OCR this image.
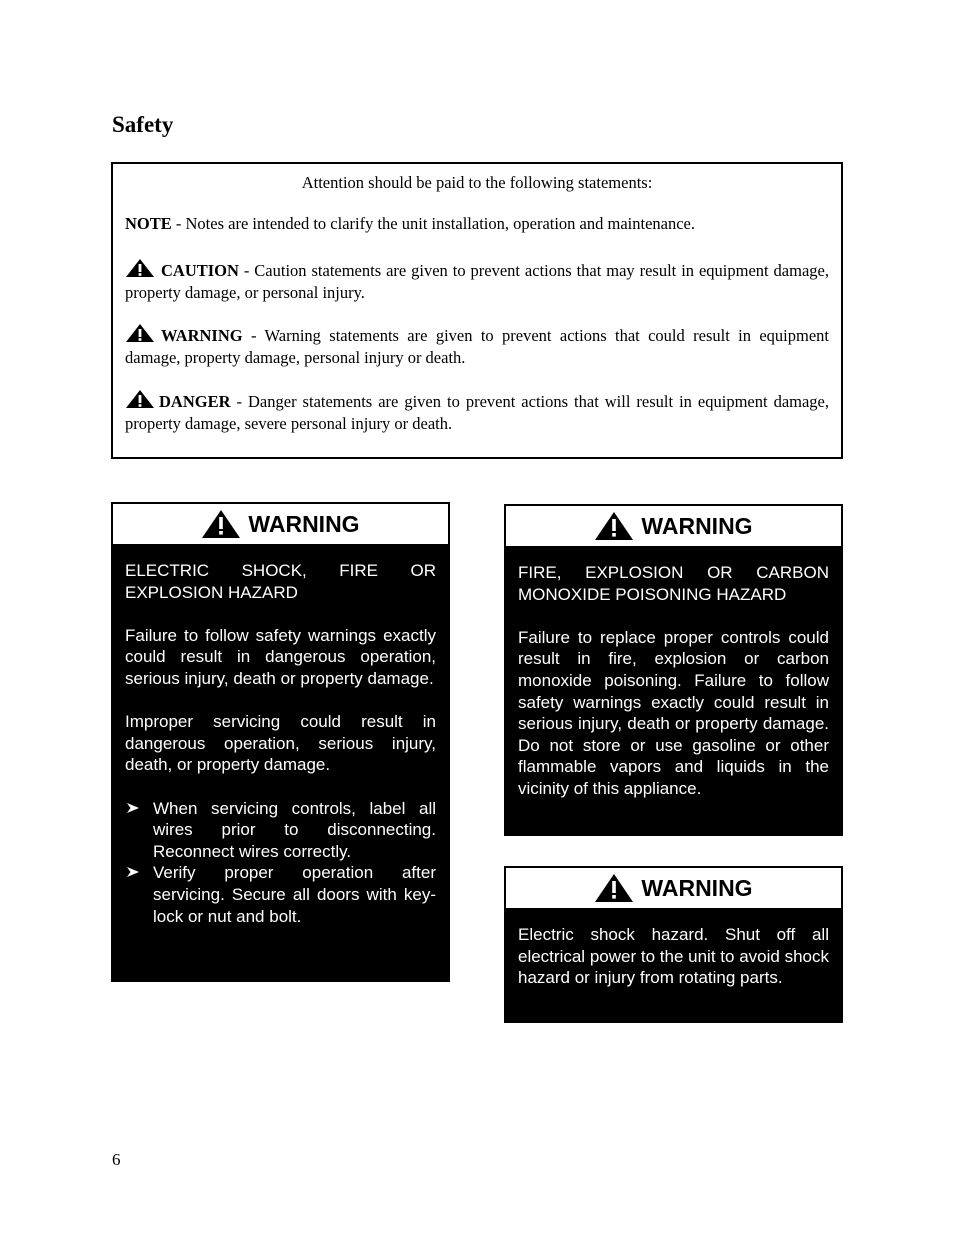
Safety
Attention should be paid to the following statements:
NOTE - Notes are intended to clarify the unit installation, operation and maintenance.
CAUTION - Caution statements are given to prevent actions that may result in equipment damage, property damage, or personal injury.
WARNING - Warning statements are given to prevent actions that could result in equipment damage, property damage, personal injury or death.
DANGER - Danger statements are given to prevent actions that will result in equipment damage, property damage, severe personal injury or death.
WARNING

ELECTRIC SHOCK, FIRE OR EXPLOSION HAZARD

Failure to follow safety warnings exactly could result in dangerous operation, serious injury, death or property damage.

Improper servicing could result in dangerous operation, serious injury, death, or property damage.

When servicing controls, label all wires prior to disconnecting. Reconnect wires correctly.
Verify proper operation after servicing. Secure all doors with key-lock or nut and bolt.
WARNING

FIRE, EXPLOSION OR CARBON MONOXIDE POISONING HAZARD

Failure to replace proper controls could result in fire, explosion or carbon monoxide poisoning. Failure to follow safety warnings exactly could result in serious injury, death or property damage. Do not store or use gasoline or other flammable vapors and liquids in the vicinity of this appliance.

WARNING

Electric shock hazard. Shut off all electrical power to the unit to avoid shock hazard or injury from rotating parts.

6
